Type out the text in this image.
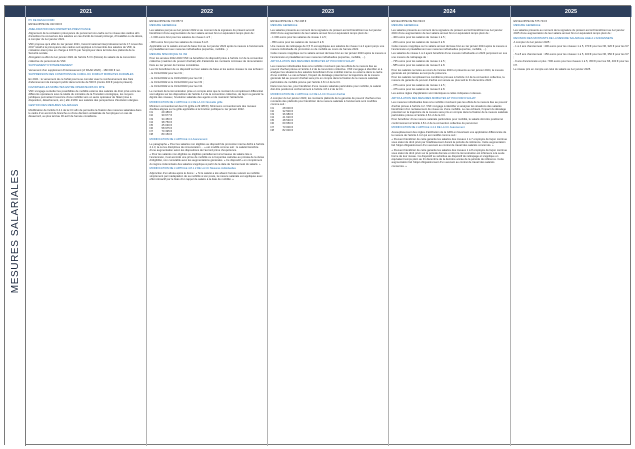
2021	2022	2023	2024	2025
MESURES SALARIALES

PV DE DESACCORD

ENVELOPPE DE 433 000 €

AMELIORATION DES DISPARITES PREVOYANCE

Alignement de la cotisation prévoyance du personnel non-cadre sur le niveau des cadres afin d'améliorer la couverture des salariés en cas d'arrêt de travail prolongé, d'invalidité ou de décès, à compter du 1er janvier 2021.

VNF propose qu'à effet du 1er janvier 2021, l'accord national interprofessionnel du 17 novembre 2017 relatif à la prévoyance des cadres soit appliqué à l'ensemble des salariés de VNF, la cotisation étant prise en charge à 100 % par l'employeur dans la limite des plafonds de la Sécurité sociale.

Abrogation à effet du 1er janvier 2021 de l'article 5.3 b (Décès) du salarié de la convention collective du personnel de VNF.

SUPPLEMENT D'INTERESSEMENT

Versement d'un supplément d'intéressement (cf RAAD 2020) - 180 000 € net.

SUPPRESSION DES CONDITIONS DE CUMUL DU FORFAIT MOBILITES DURABLES

En 2021 : le versement de ce forfait pourra se cumuler avec le remboursement des frais d'abonnement de transport public dans la limite de 500 € (contre 400 € jusqu'à présent).

FAVORISER LES MOBILITES ENTRE OPERATEURS DU MTE

VNF s'engage à étudier les possibilités de mobilité externe des salariés de droit privé entre les différents opérateurs sous la tutelle du ministère de la Transition écologique, les moyens juridiques permettant l'exercice d'une mobilité vers un autre opérateur de l'Etat (mise à disposition, détachement, etc.) afin d'offrir aux salariés des perspectives d'évolution élargies.

GESTION DES MESURES SALARIALES

Modification de l'article 6.4.1 de la CC afin de permettre la fixation des mesures salariales dans le cadre d'un accord de branche ou d'une décision unilatérale de l'employeur en cas de désaccord, au plus tard au 30 avril de l'année considérée.

ENVELOPPE DE 720 857 €

MESURE GENERALE

Les salaires perçus au 1er janvier 2022 et au moment de la signature du présent accord bénéficient d'une augmentation de leur salaire annuel brut en équivalent temps plein de :

- 1 000 euros brut pour les salaires de niveau 1 à 5 ;

- 900 euros brut pour les salaires de niveau 6 à 8.

Applicable sur le salaire annuel de base brut au 1er janvier 2022 après la mesure à l'ancienneté et préalablement aux mesures individuelles (expertise, mobilité...).

MESURE SPECIFIQUE N1 /N2

Pour les années 2022-2023 VNF va bénéficier du dispositif prévu à l'article 4.2 de la convention collective (maintien du pouvoir d'achat) afin d'atteindre les montants minimaux de rémunération fixés au 1er janvier de l'année considérée.

Les N1 bénéficient de ce dispositif sur leur salaire de base et les autres niveaux le cas échéant :

- le 01/12/2022 pour les N1 ;

- le 01/12/2022 et le 01/01/2023 pour les N2 ;

- le 01/12/2022 et le 01/12/2023 pour les N3 ;

- le 01/12/2022 et le 01/12/2023 pour les N4.

Le montant de la rémunération prise en compte ainsi que le montant du complément différentiel sont alignés sur les dispositions de l'article 4.2 de la convention collective, de façon à garantir la dignité des niveaux, l'évolution salariale des agents et de maintenir l'attractivité.

MODIFICATION DE L'ARTICLE 4.1 DE LA CC Nouvelle grille

Minimum conventionnel des N1 (grille à 29 489 €). Minimums conventionnels des niveaux doubles alignés sur la grille applicable à la fonction publique le 1er janvier 2022.

N1	29 489 €

N2	30 677 €

N3	34 450 €

N4	38 750 €

N5	45 030 €

N6	58 975 €

N7	70 395 €

N8	80 150 €

MODIFICATION DE L'ARTICLE 4.4 Avancement

Le paragraphe « Pour les salariés non éligibles au dispositif de promotion interne défini à l'article 4.1.3, la ou les disciplines de rémunération ... » est modifié comme suit : le salarié bénéficie d'une augmentation selon les dispositions de l'accord prime d'expérience.

« Pour les salariés non éligibles ou éligibles partiellement à la hausse de salaire liée à l'ancienneté, il est accordé une prime de mobilité ou à l'expertise calculée au prorata de la durée d'éligibilité, non cumulable avec les augmentations générales. » Ce dispositif « en complément du régime indemnitaire des salariés s'applique à partir de la date de l'ancienneté du salarié. »

MODIFICATION DE L'ARTICLE 4.8.1.2 DE LA CC Mesures individuelles

Adjonction d'un alinéa après le 4ème : « Si le salarié a été absent l'année suivant sa mobilité simplement par inadaptation de sa mobilité à son poste, la mesure salariale est appliquée avec effet rétroactif par le biais d'un rappel de salaire à la date de mobilité. »

ENVELOPPE DE 1 762 208 €

MESURE GENERALE

Les salariés présents au moment de la signature du présent accord bénéficient au 1er janvier 2023 d'une augmentation de leur salaire annuel brut en équivalent temps plein de :

- 1 000 euros pour les salaires de niveau 1 à 5 ;

- 850 euros pour les salaires de niveau 6 à 8.

Une mesure de rattrapage de 0,5 % est appliquée aux salariés de niveau 1 à 4 ayant perçu une mesure individuelle de promotion ou de mobilité au cours de l'année 2022.

Cette mesure s'applique sur le salaire annuel de base brut au 1er janvier 2023 après la mesure à l'ancienneté et préalablement aux mesures individuelles (expertise, mobilité, ...).

ARTICULATION DES MESURES MOBILITES ET POUVOIR D'ACHAT

Les mesures individuelles liées à la mobilité n'excluent pas les effets de la mesure liée au pouvoir d'achat prévue à l'article 4.2 de la convention collective. VNF s'engage à identifier et à analyser les situations des salariés bénéficiant d'une mobilité interne ou externe dans le cadre d'une mobilité. Le cas échéant, l'impact du décalage potentiel sur la trajectoire de la mesure générale fait au pouvoir d'achat sera pris en compte dans la fixation de la mesure salariale particulière de mobilité prévue par l'article 4.8.1.2 de la CC.

Dans tous les cas, pour bénéficier d'une mesure salariale particulière pour mobilité, le salarié doit être positionné conformément à l'article 4.8.1.2 de la CC.

MODIFICATION DE L'ARTICLE 4.2 DE LA CC Pouvoir d'achat

A compter du 1er janvier 2023, les montants plafonds de la garantie de pouvoir d'achat et les montants des plafonds pour bénéficier de la mesure salariale à l'ancienneté sont modifiés comme suit :

N1	28 000 €

N2	32 500 €

N3	36 980 €

N4	41 620 €

N5	48 530 €

N6	60 650 €

N7	73 000 €

N8	82 000 €

ENVELOPPE DE 594 694 €

MESURE GENERALE

Les salariés présents au moment de la signature du présent accord bénéficient au 1er janvier 2024 d'une augmentation de leur salaire annuel brut en équivalent temps plein de :

- 400 euros pour les salaires de niveau 1 à 5 ;

- 200 euros pour les salaires de niveau 6 à 8.

Cette mesure s'applique sur le salaire annuel de base brut au 1er janvier 2024 après la mesure à l'ancienneté et préalablement aux mesures individuelles (expertise, mobilité, ...).

Les salariés de niveau 1 à 4 ayant bénéficié d'une mesure individuelle en 2023 perçoivent en sus une mesure de rattrapage de :

- 735 euros pour les salaires de niveau 1 à 5 ;

- 585 euros pour les salaires de niveau 6 à 8.

Pour les salariés recrutés au cours de l'année 2023 et présents au 1er janvier 2024, la mesure générale est proratisée au temps de présence.

Pour les salariés remplissant les conditions prévues à l'article 4.2 de la convention collective, la mesure de garantie de pouvoir d'achat est versée au plus tard le 31 décembre 2024 :

- 375 euros pour les salaires de niveau 1 à 5 ;

- 475 euros pour les salaires de niveau 6 à 8.

Les autres règles d'application sont identiques à celles indiquées ci-dessus.

ARTICULATION DES MESURES MOBILITES ET POUVOIR D'ACHAT

Les mesures individuelles liées à la mobilité n'excluent pas les effets de la mesure liée au pouvoir d'achat prévue à l'article 4.2. VNF s'engage à identifier et analyser les situations des salariés bénéficiant d'un reclassement de niveau ou d'une mobilité. Le cas échéant, l'impact du décalage potentiel sur la trajectoire de la mesure sera pris en compte dans la fixation de la mesure salariale particulière prévue à l'article 4.8.1.2 de la CC.

Pour bénéficier d'une mesure salariale particulière pour mobilité, le salarié doit être positionné conformément à l'article 4.8.1.2 de la convention collective du personnel.

MODIFICATION DE L'ARTICLE 4.4.2 DE LA CC Avancement

Assouplissement des règles d'attribution de la GIPA en favorisant une application différenciée de la mesure de l'article 4.4.2 qui est modifié comme suit :

« Peuvent bénéficier de cette garantie les salariés des niveaux 1 à 7 employés de façon continue sous statut de droit privé par l'établissement durant la période de référence. Cette augmentation fait l'objet obligatoirement d'un avenant au contrat de travail des salariés concernés. »

« Peuvent bénéficier de cette garantie les salariés des niveaux 1 à 8 employés de façon continue sous statut de droit privé sur la période donnée et dont la rémunération est inférieure à la seule borne de leur niveau. Ce dispositif se substitue au dispositif de rattrapage et s'applique en équivalent temps plein au 31 décembre de la dernière année de la période de référence. Cette augmentation fait l'objet obligatoirement d'un avenant au contrat de travail des salariés concernés. »

ENVELOPPE DE 575 743 €

MESURE GENERALE

Les salariés présents au moment de la signature du présent accord bénéficient au 1er janvier 2025 d'une augmentation de leur salaire annuel brut en équivalent temps plein de :

REVISION DES MONTANTS DE LA MESURE SALARIALE LIEE A L'ANCIENNETE

A compter du 1er janvier 2025 :

- 1 à 4 ans d'ancienneté : 400 euros pour les niveaux 1 à 5, 370 € pour les N6, 320 € pour les N7 ;

- 5 à 8 ans d'ancienneté : 450 euros pour les niveaux 1 à 5, 400 € pour les N6, 350 € pour les N7 ;

- 9 ans d'ancienneté et plus : 500 euros pour les niveaux 1 à 5, 450 € pour les N6, 400 € pour les N7.

Le niveau pris en compte est celui du salarié au 1er janvier 2025.
